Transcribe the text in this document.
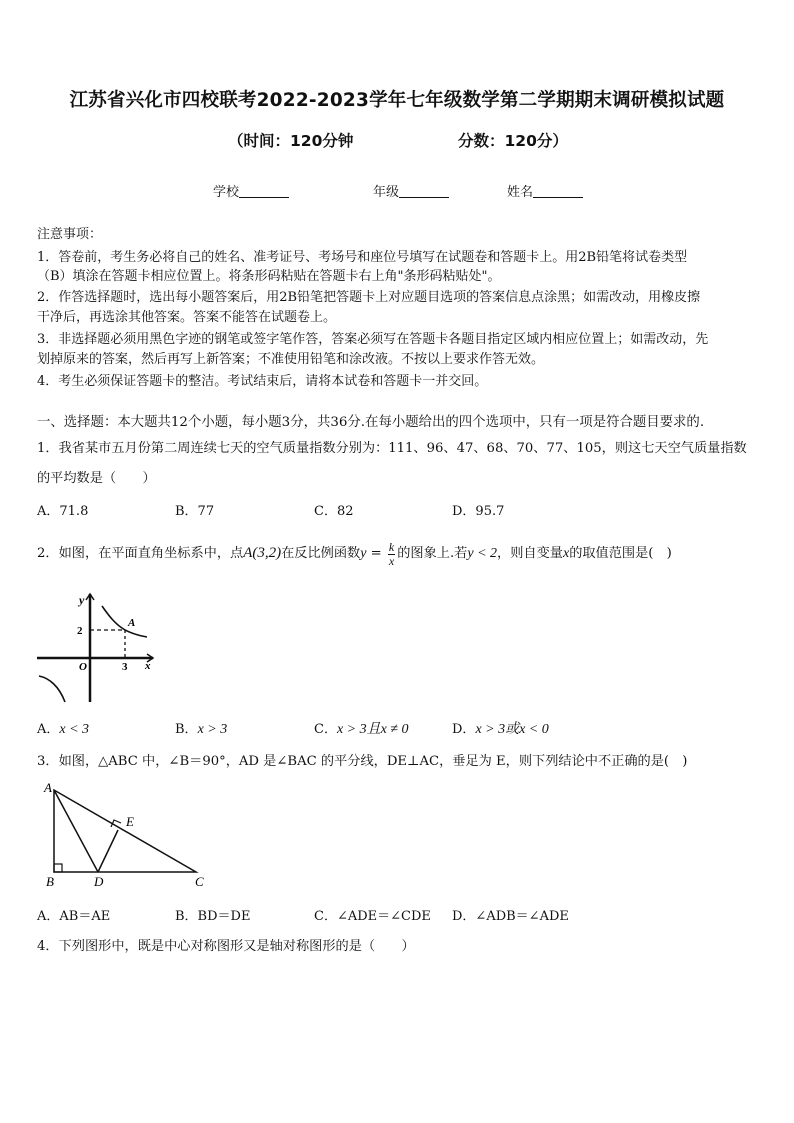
江苏省兴化市四校联考2022-2023学年七年级数学第二学期期末调研模拟试题
（时间：120分钟	分数：120分）
学校	年级	姓名
注意事项：
1．答卷前，考生务必将自己的姓名、准考证号、考场号和座位号填写在试题卷和答题卡上。用2B铅笔将试卷类型
（B）填涂在答题卡相应位置上。将条形码粘贴在答题卡右上角"条形码粘贴处"。
2．作答选择题时，选出每小题答案后，用2B铅笔把答题卡上对应题目选项的答案信息点涂黑；如需改动，用橡皮擦
干净后，再选涂其他答案。答案不能答在试题卷上。
3．非选择题必须用黑色字迹的钢笔或签字笔作答，答案必须写在答题卡各题目指定区域内相应位置上；如需改动，先
划掉原来的答案，然后再写上新答案；不准使用铅笔和涂改液。不按以上要求作答无效。
4．考生必须保证答题卡的整洁。考试结束后，请将本试卷和答题卡一并交回。
一、选择题：本大题共12个小题，每小题3分，共36分.在每小题给出的四个选项中，只有一项是符合题目要求的.
1．我省某市五月份第二周连续七天的空气质量指数分别为：111、96、47、68、70、77、105，则这七天空气质量指数
的平均数是（　　）
A．71.8	B．77	C．82	D．95.7
2．如图，在平面直角坐标系中，点A(3,2)在反比例函数$y = \frac{k}{x}$ 的图象上.若y < 2，则自变量x的取值范围是(　)
y
2
A
O	3 x
A．x < 3	B．x > 3	C．x > 3且x ≠ 0	D．x > 3或x < 0
3．如图，△ABC 中，∠B＝90°，AD 是∠BAC 的平分线，DE⊥AC，垂足为 E，则下列结论中不正确的是(　)
A
B	D	C
E
A．AB＝AE	B．BD＝DE	C．∠ADE＝∠CDE D．∠ADB＝∠ADE
4．下列图形中，既是中心对称图形又是轴对称图形的是（　　）
